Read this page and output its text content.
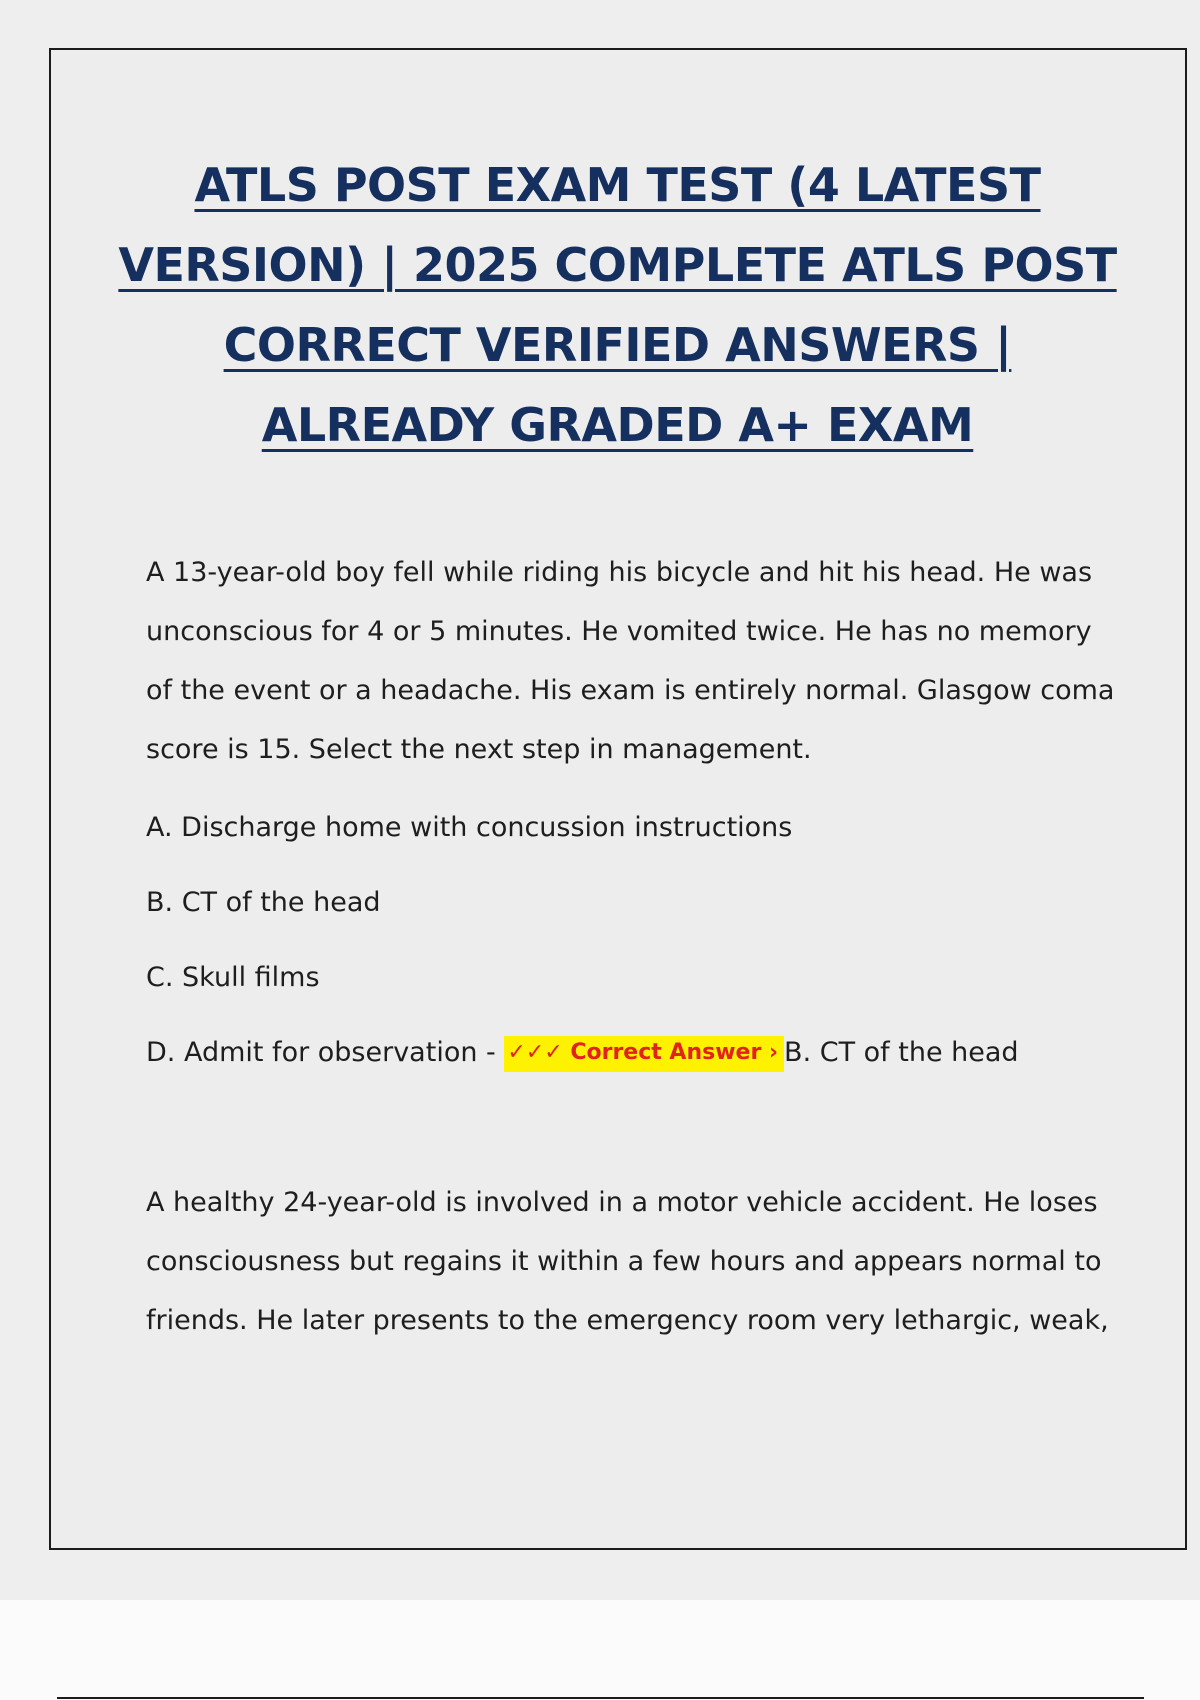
ATLS POST EXAM TEST (4 LATEST
VERSION) | 2025 COMPLETE ATLS POST
CORRECT VERIFIED ANSWERS |
ALREADY GRADED A+ EXAM
A 13-year-old boy fell while riding his bicycle and hit his head. He was
unconscious for 4 or 5 minutes. He vomited twice. He has no memory
of the event or a headache. His exam is entirely normal. Glasgow coma
score is 15. Select the next step in management.
A. Discharge home with concussion instructions
B. CT of the head
C. Skull films
D. Admit for observation - ✓✓✓ Correct Answer › B. CT of the head
A healthy 24-year-old is involved in a motor vehicle accident. He loses
consciousness but regains it within a few hours and appears normal to
friends. He later presents to the emergency room very lethargic, weak,
